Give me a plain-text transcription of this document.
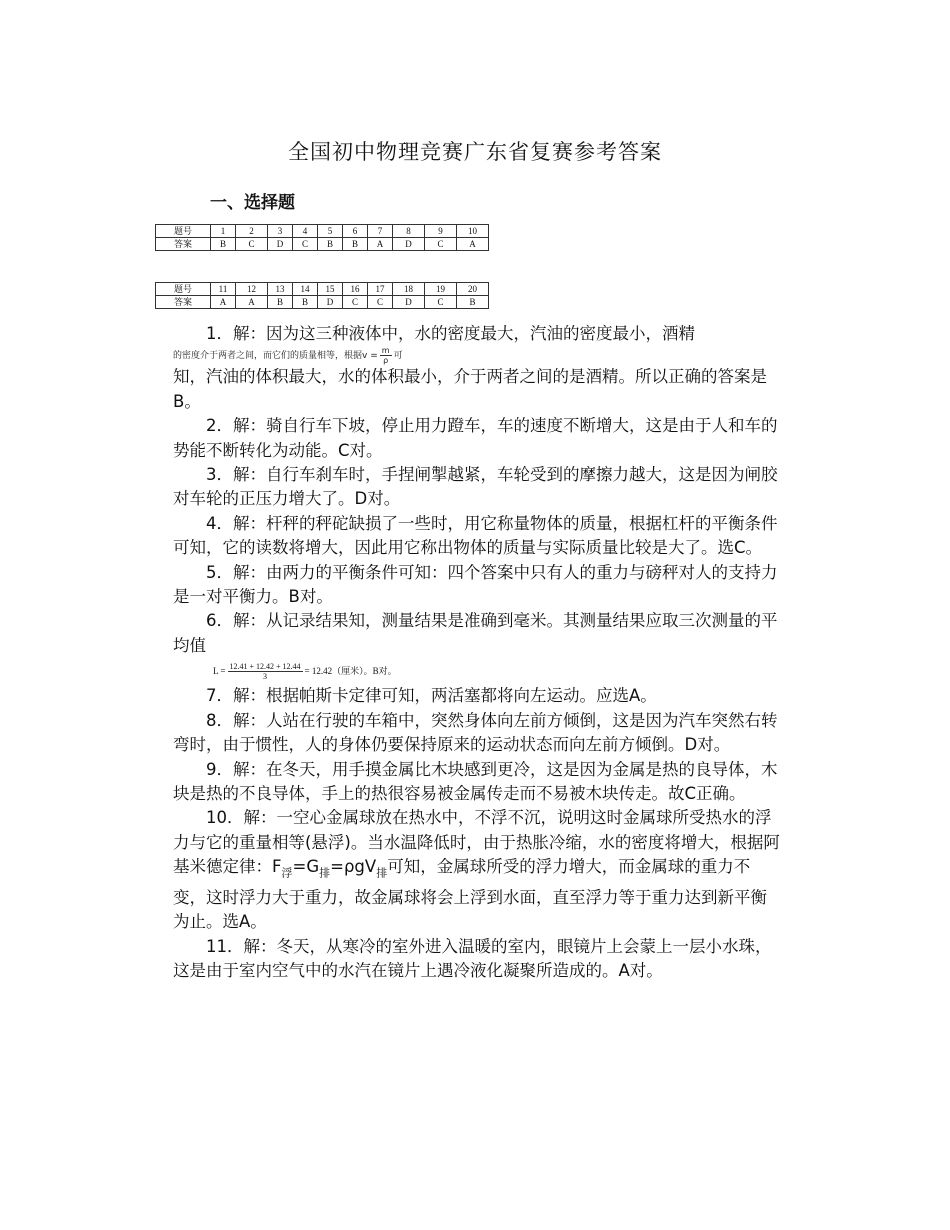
全国初中物理竞赛广东省复赛参考答案
一、选择题
题号	1	2	3	4	5	6	7	8	9	10
答案	B	C	D	C	B	B	A	D	C	A
题号	11	12	13	14	15	16	17	18	19	20
答案	A	A	B	B	D	C	C	D	C	B

1．解：因为这三种液体中，水的密度最大，汽油的密度最小，酒精
的密度介于两者之间，而它们的质量相等，根据$v = \frac{m}{\rho}$ 可

知，汽油的体积最大，水的体积最小，介于两者之间的是酒精。所以正确的答案是B。

2．解：骑自行车下坡，停止用力蹬车，车的速度不断增大，这是由于人和车的势能不断转化为动能。C对。

3．解：自行车刹车时，手捏闸掣越紧，车轮受到的摩擦力越大，这是因为闸胶对车轮的正压力增大了。D对。

4．解：杆秤的秤砣缺损了一些时，用它称量物体的质量，根据杠杆的平衡条件可知，它的读数将增大，因此用它称出物体的质量与实际质量比较是大了。选C。

5．解：由两力的平衡条件可知：四个答案中只有人的重力与磅秤对人的支持力是一对平衡力。B对。

6．解：从记录结果知，测量结果是准确到毫米。其测量结果应取三次测量的平均值

$L = \frac{12.41 + 12.42 + 12.44}{3} = 12.42$（厘米）。B对。

7．解：根据帕斯卡定律可知，两活塞都将向左运动。应选A。

8．解：人站在行驶的车箱中，突然身体向左前方倾倒，这是因为汽车突然右转弯时，由于惯性，人的身体仍要保持原来的运动状态而向左前方倾倒。D对。

9．解：在冬天，用手摸金属比木块感到更冷，这是因为金属是热的良导体，木块是热的不良导体，手上的热很容易被金属传走而不易被木块传走。故C正确。

10．解：一空心金属球放在热水中，不浮不沉，说明这时金属球所受热水的浮力与它的重量相等(悬浮)。当水温降低时，由于热胀冷缩，水的密度将增大，根据阿基米德定律：$F_浮=G_排=\rho gV_排$可知，金属球所受的浮力增大，而金属球的重力不变，这时浮力大于重力，故金属球将会上浮到水面，直至浮力等于重力达到新平衡为止。选A。

11．解：冬天，从寒冷的室外进入温暖的室内，眼镜片上会蒙上一层小水珠，这是由于室内空气中的水汽在镜片上遇冷液化凝聚所造成的。A对。
